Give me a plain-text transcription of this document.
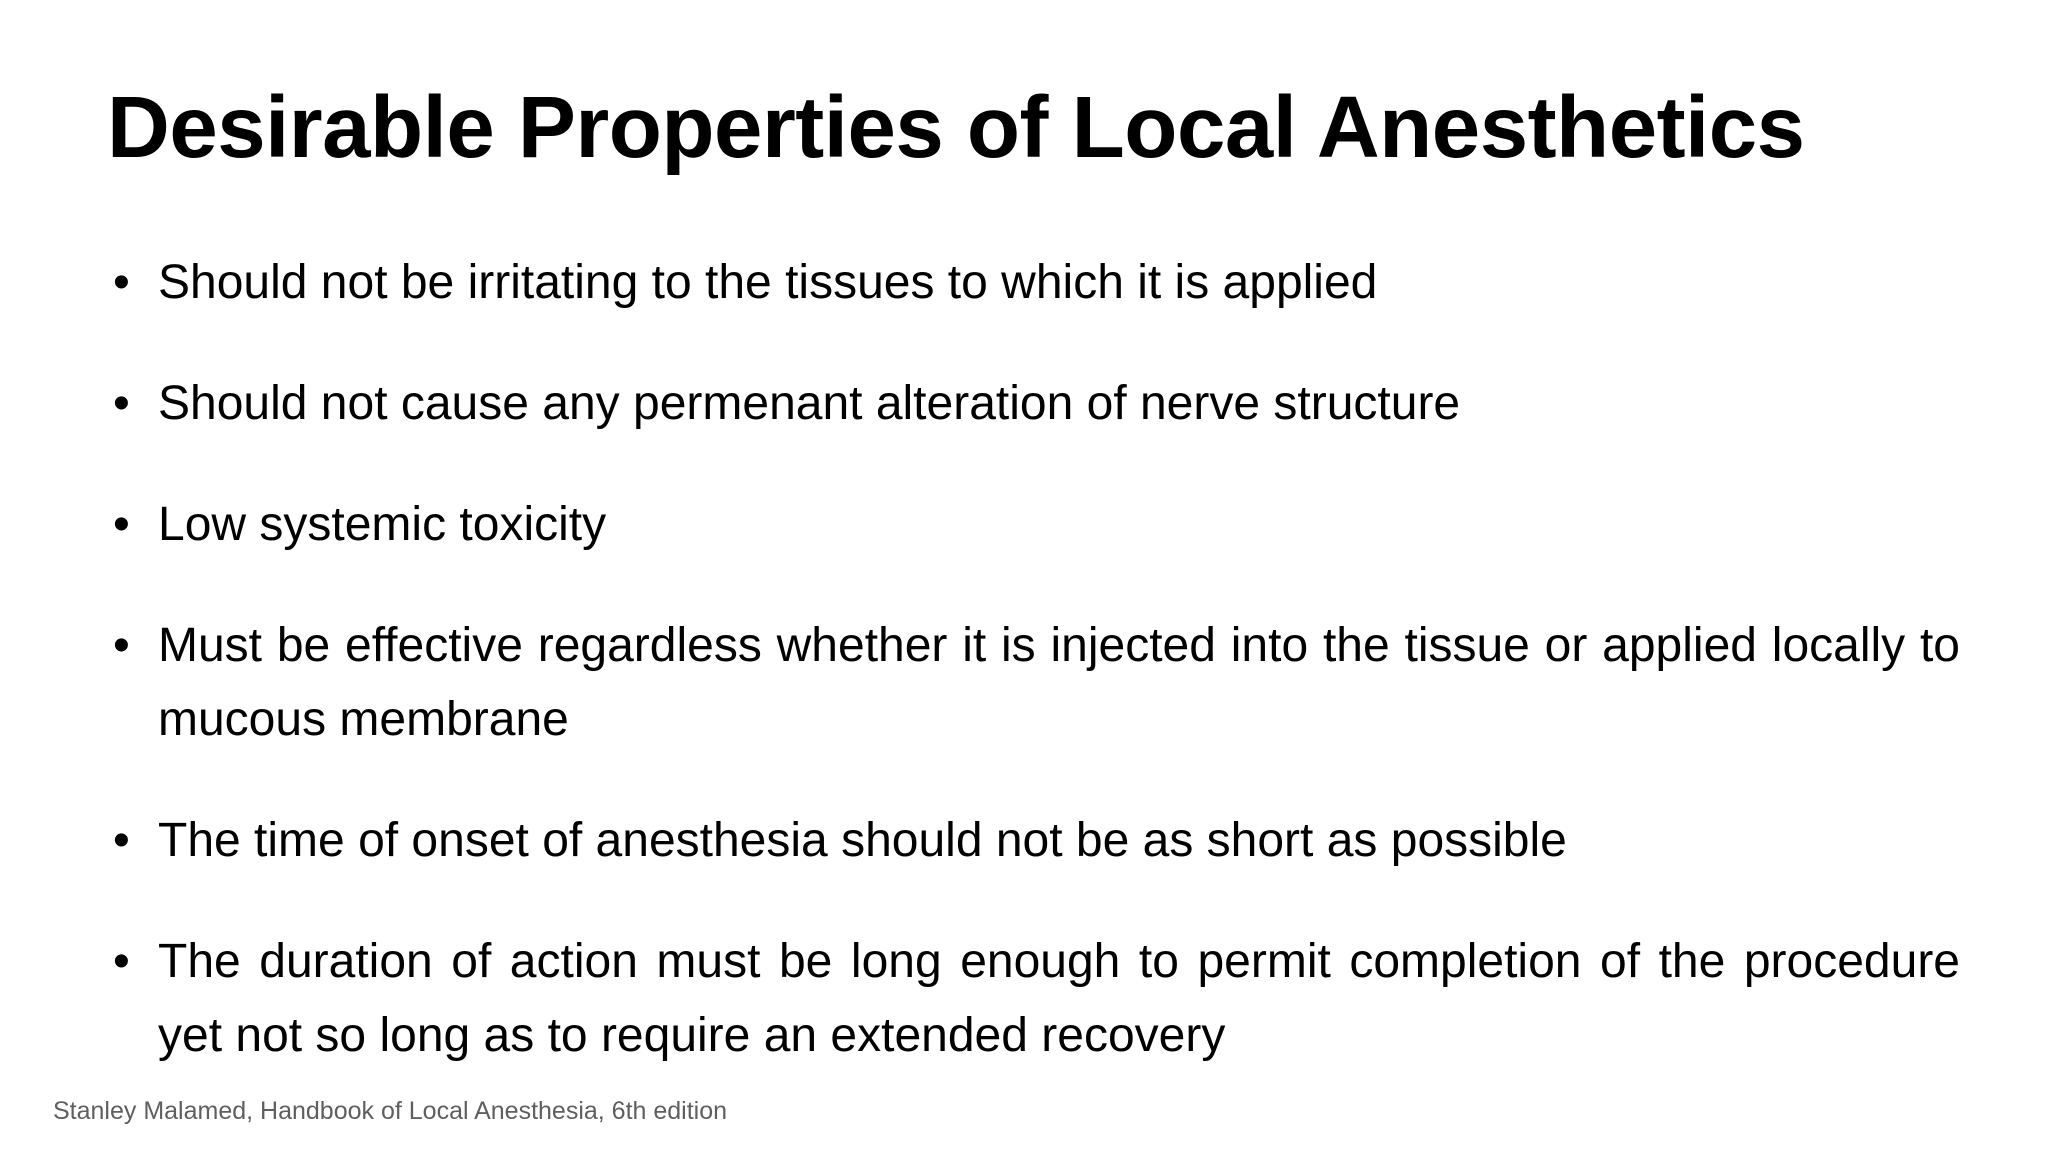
Desirable Properties of Local Anesthetics
• Should not be irritating to the tissues to which it is applied
• Should not cause any permenant alteration of nerve structure
• Low systemic toxicity
• Must be effective regardless whether it is injected into the tissue or applied locally to mucous membrane
• The time of onset of anesthesia should not be as short as possible
• The duration of action must be long enough to permit completion of the procedure yet not so long as to require an extended recovery
Stanley Malamed, Handbook of Local Anesthesia, 6th edition
